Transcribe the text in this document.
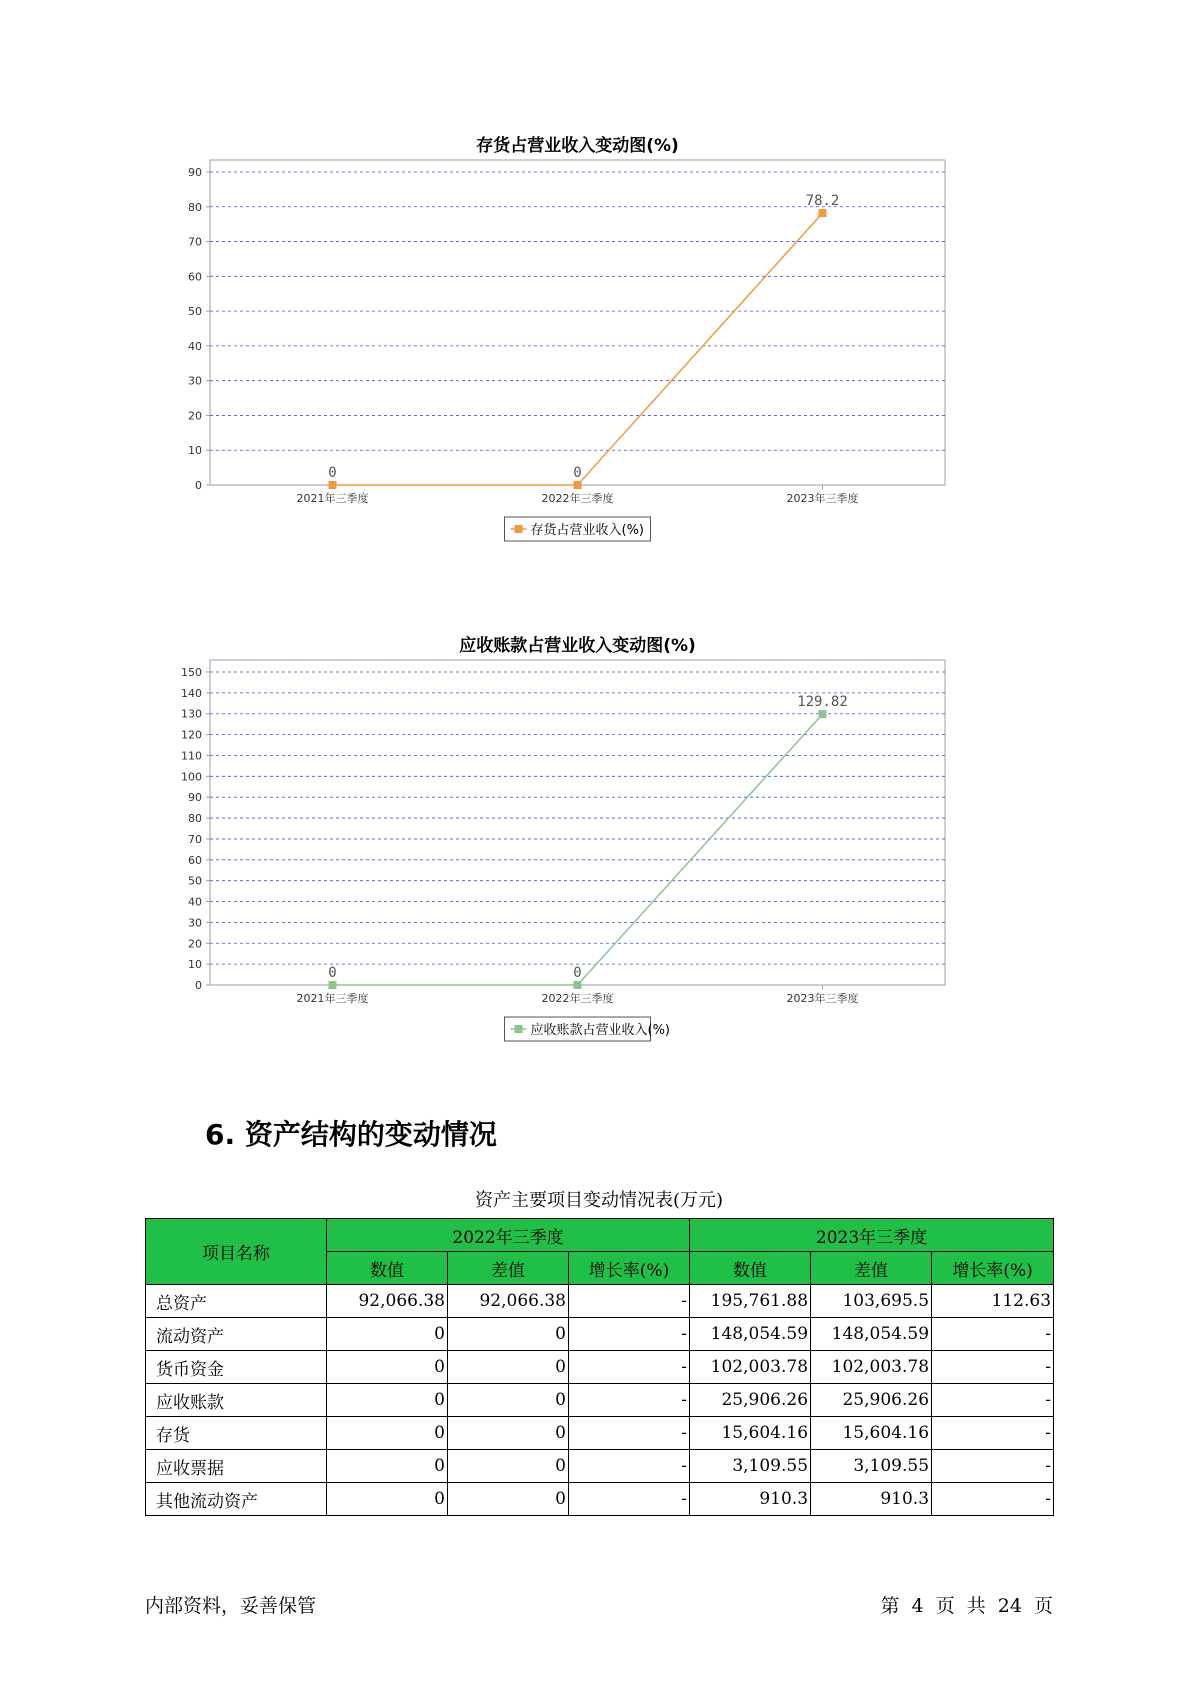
存货占营业收入变动图(%)
0
10
20
30
40
50
60
70
80
90
2021年三季度	2022年三季度	2023年三季度
0	0
78.2
存货占营业收入(%)
应收账款占营业收入变动图(%)
0
10
20
30
40
50
60
70
80
90
100
110
120
130
140
150
2021年三季度	2022年三季度	2023年三季度
0	0
129.82
应收账款占营业收入(%)
6. 资产结构的变动情况
资产主要项目变动情况表(万元)
项目名称	2022年三季度			2023年三季度		
	数值	差值	增长率(%)	数值	差值	增长率(%)
总资产	92,066.38	92,066.38	-	195,761.88	103,695.5	112.63
流动资产	0	0	-	148,054.59	148,054.59	-
货币资金	0	0	-	102,003.78	102,003.78	-
应收账款	0	0	-	25,906.26	25,906.26	-
存货	0	0	-	15,604.16	15,604.16	-
应收票据	0	0	-	3,109.55	3,109.55	-
其他流动资产	0	0	-	910.3	910.3	-
内部资料，妥善保管	第 4 页 共 24 页
